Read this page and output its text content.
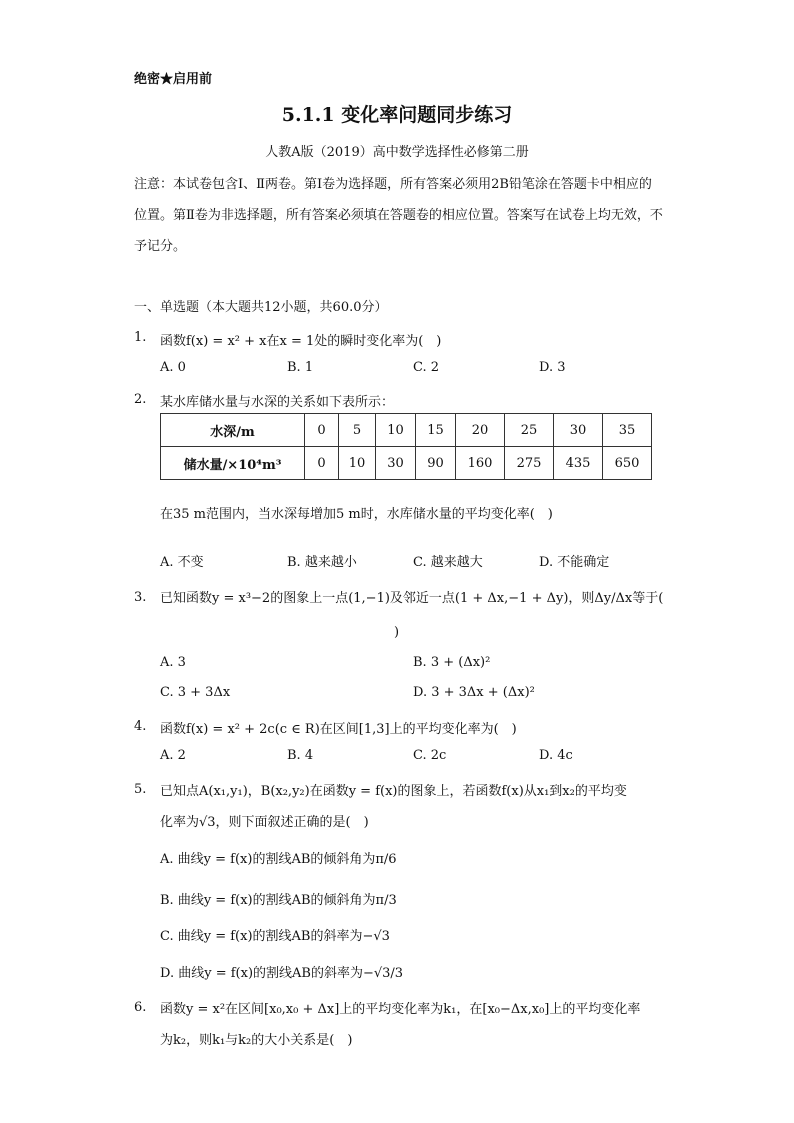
绝密★启用前
5.1.1 变化率问题同步练习
人教A版（2019）高中数学选择性必修第二册
注意：本试卷包含Ⅰ、Ⅱ两卷。第Ⅰ卷为选择题，所有答案必须用2B铅笔涂在答题卡中相应的位置。第Ⅱ卷为非选择题，所有答案必须填在答题卷的相应位置。答案写在试卷上均无效，不予记分。
一、单选题（本大题共12小题，共60.0分）
1. 函数f(x) = x² + x在x = 1处的瞬时变化率为(　)
A. 0	B. 1	C. 2	D. 3
2. 某水库储水量与水深的关系如下表所示：
水深/m	0	5	10	15	20	25	30	35
储水量/×10⁴m³	0	10	30	90	160	275	435	650
在35 m范围内，当水深每增加5 m时，水库储水量的平均变化率(　)
A. 不变	B. 越来越小	C. 越来越大	D. 不能确定
3. 已知函数y = x³−2的图象上一点(1,−1)及邻近一点(1 + Δx,−1 + Δy)，则Δy/Δx等于(
)
A. 3	B. 3 + (Δx)²
C. 3 + 3Δx	D. 3 + 3Δx + (Δx)²
4. 函数f(x) = x² + 2c(c ∈ R)在区间[1,3]上的平均变化率为(　)
A. 2	B. 4	C. 2c	D. 4c
5. 已知点A(x₁,y₁)，B(x₂,y₂)在函数y = f(x)的图象上，若函数f(x)从x₁到x₂的平均变
化率为√3，则下面叙述正确的是(　)
A. 曲线y = f(x)的割线AB的倾斜角为π/6
B. 曲线y = f(x)的割线AB的倾斜角为π/3
C. 曲线y = f(x)的割线AB的斜率为−√3
D. 曲线y = f(x)的割线AB的斜率为−√3/3
6. 函数y = x²在区间[x₀,x₀ + Δx]上的平均变化率为k₁，在[x₀−Δx,x₀]上的平均变化率
为k₂，则k₁与k₂的大小关系是(　)
